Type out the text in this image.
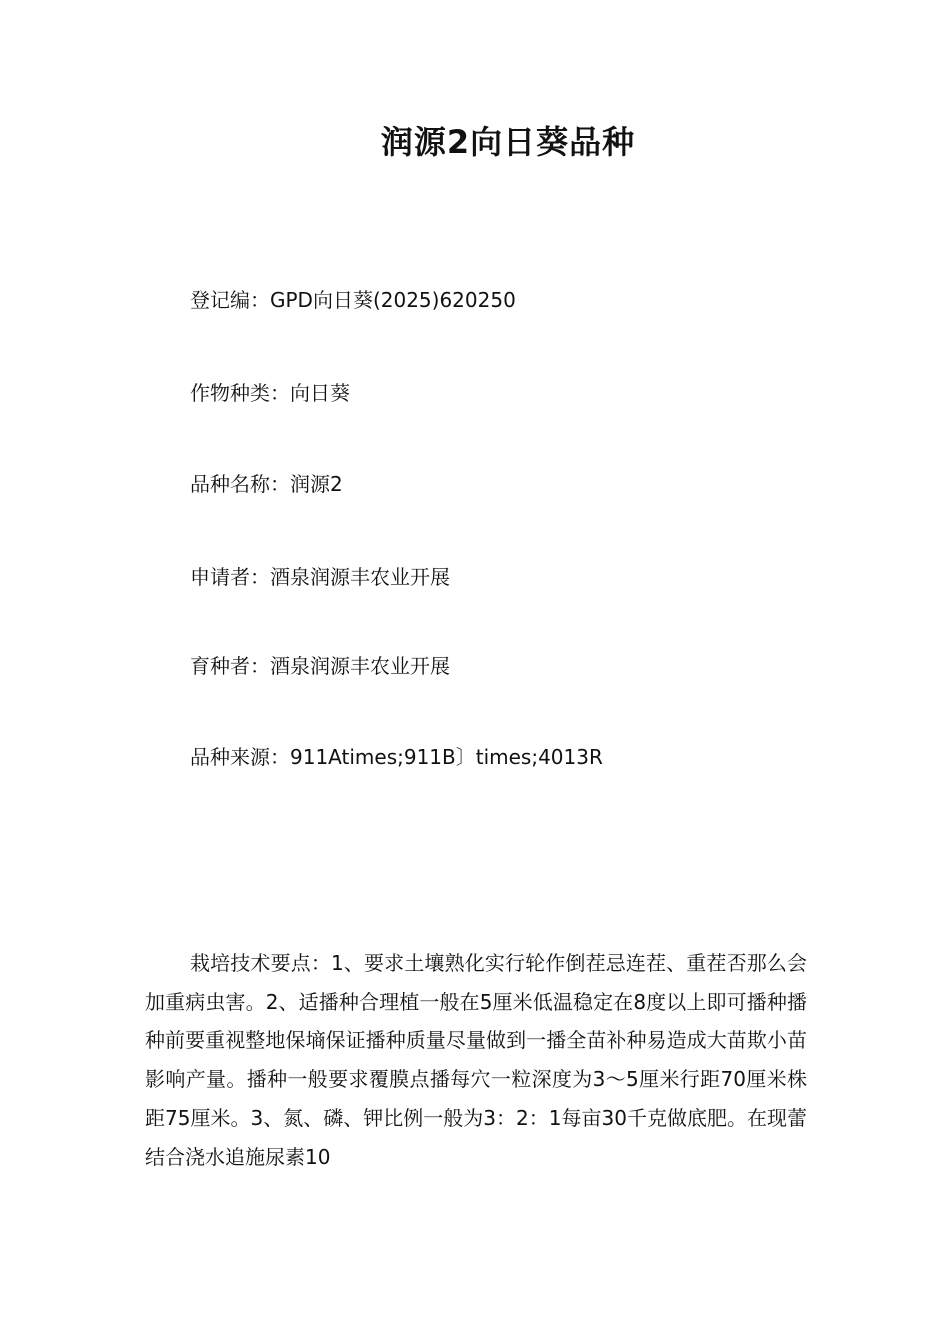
润源2向日葵品种
登记编：GPD向日葵(2025)620250
作物种类：向日葵
品种名称：润源2
申请者：酒泉润源丰农业开展
育种者：酒泉润源丰农业开展
品种来源：911Atimes;911B〕times;4013R

栽培技术要点：1、要求土壤熟化实行轮作倒茬忌连茬、重茬否那么会加重病虫害。2、适播种合理植一般在5厘米低温稳定在8度以上即可播种播种前要重视整地保墒保证播种质量尽量做到一播全苗补种易造成大苗欺小苗影响产量。播种一般要求覆膜点播每穴一粒深度为3～5厘米行距70厘米株距75厘米。3、氮、磷、钾比例一般为3：2：1每亩30千克做底肥。在现蕾结合浇水追施尿素10
